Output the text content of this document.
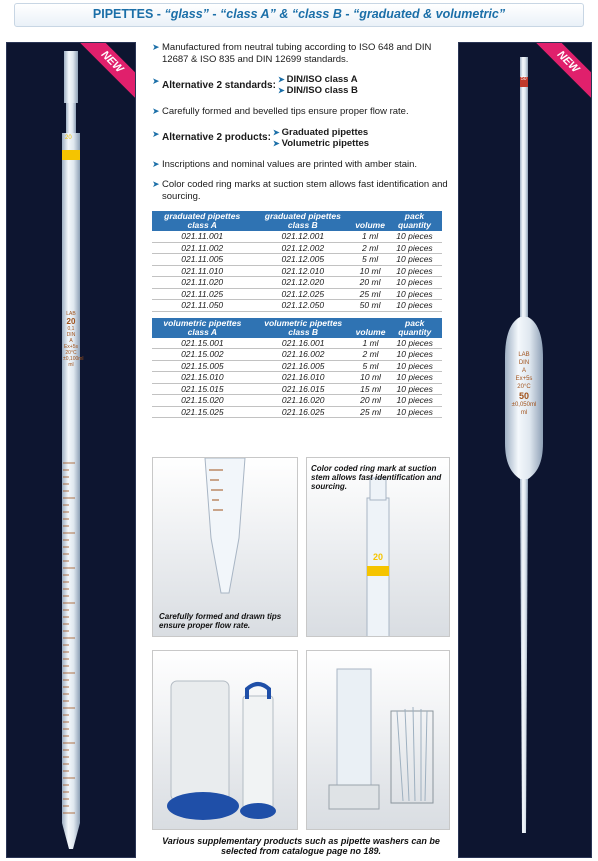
PIPETTES - “glass” - “class A” & “class B - “graduated & volumetric”
NEW
20
LAB
20
0,1
DIN
A
Ex+5s
20°C
±0,100ml
ml
NEW
50
LAB
DIN
A
Ex+5s
20°C
50
±0,050ml
ml
➤ Manufactured from neutral tubing according to ISO 648 and DIN 12687 & ISO 835 and DIN 12699 standards.
➤ Alternative 2 standards: ➤ DIN/ISO class A
➤ DIN/ISO class B
➤ Carefully formed and bevelled tips ensure proper flow rate.
➤ Alternative 2 products: ➤ Graduated pipettes
➤ Volumetric pipettes
➤ Inscriptions and nominal values are printed with amber stain.
➤ Color coded ring marks at suction stem allows fast identification and sourcing.
graduated pipettes class A	graduated pipettes class B	volume	pack quantity
021.11.001	021.12.001	1 ml	10 pieces
021.11.002	021.12.002	2 ml	10 pieces
021.11.005	021.12.005	5 ml	10 pieces
021.11.010	021.12.010	10 ml	10 pieces
021.11.020	021.12.020	20 ml	10 pieces
021.11.025	021.12.025	25 ml	10 pieces
021.11.050	021.12.050	50 ml	10 pieces
volumetric pipettes class A	volumetric pipettes class B	volume	pack quantity
021.15.001	021.16.001	1 ml	10 pieces
021.15.002	021.16.002	2 ml	10 pieces
021.15.005	021.16.005	5 ml	10 pieces
021.15.010	021.16.010	10 ml	10 pieces
021.15.015	021.16.015	15 ml	10 pieces
021.15.020	021.16.020	20 ml	10 pieces
021.15.025	021.16.025	25 ml	10 pieces
Carefully formed and drawn tips ensure proper flow rate.
20
Color coded ring mark at suction stem allows fast identification and sourcing.
Various supplementary products such as pipette washers can be selected from catalogue page no 189.
